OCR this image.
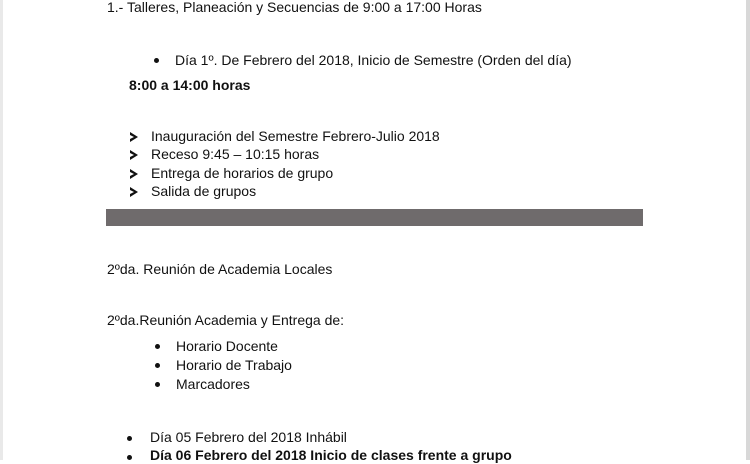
1.- Talleres, Planeación y Secuencias de 9:00 a 17:00 Horas
Día 1º. De Febrero del 2018, Inicio de Semestre (Orden del día)
8:00 a 14:00 horas
Inauguración del Semestre Febrero-Julio 2018
Receso 9:45 – 10:15 horas
Entrega de horarios de grupo
Salida de grupos
2ºda. Reunión de Academia Locales
2ºda.Reunión Academia y Entrega de:
Horario Docente
Horario de Trabajo
Marcadores
Día 05 Febrero del 2018 Inhábil
Día 06 Febrero del 2018 Inicio de clases frente a grupo
